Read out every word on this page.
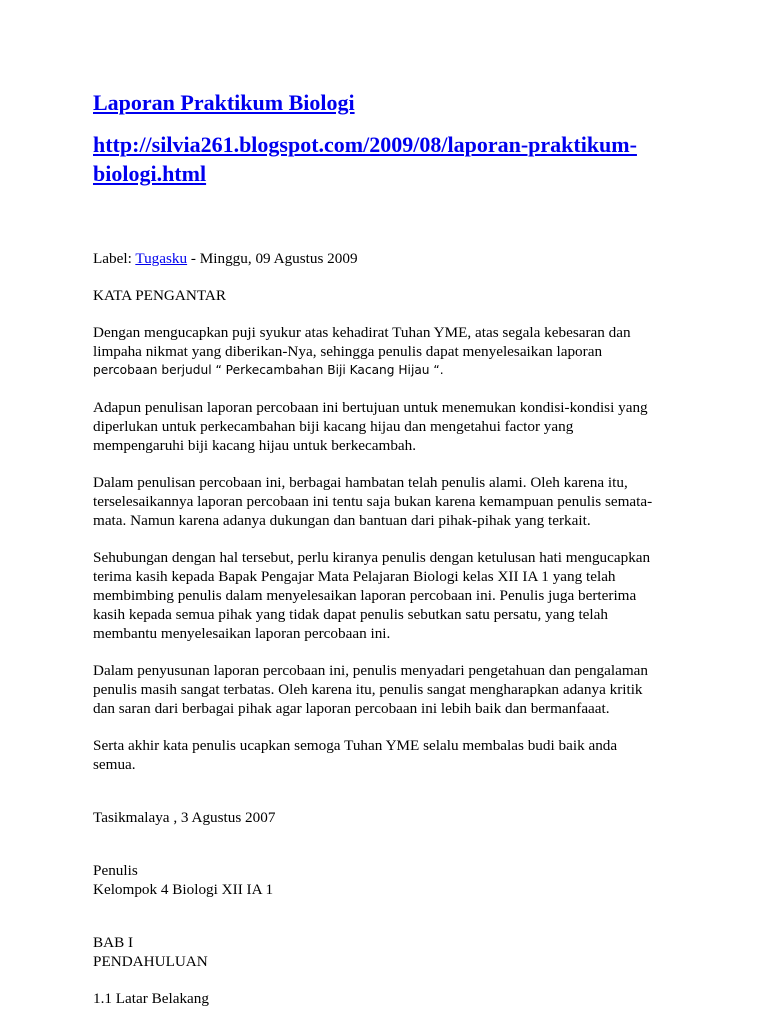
Laporan Praktikum Biologi
http://silvia261.blogspot.com/2009/08/laporan-praktikum-biologi.html

Label: Tugasku - Minggu, 09 Agustus 2009

KATA PENGANTAR

Dengan mengucapkan puji syukur atas kehadirat Tuhan YME, atas segala kebesaran dan
limpaha nikmat yang diberikan-Nya, sehingga penulis dapat menyelesaikan laporan

percobaan berjudul “ Perkecambahan Biji Kacang Hijau “.

Adapun penulisan laporan percobaan ini bertujuan untuk menemukan kondisi-kondisi yang
diperlukan untuk perkecambahan biji kacang hijau dan mengetahui factor yang
mempengaruhi biji kacang hijau untuk berkecambah.

Dalam penulisan percobaan ini, berbagai hambatan telah penulis alami. Oleh karena itu,
terselesaikannya laporan percobaan ini tentu saja bukan karena kemampuan penulis semata-
mata. Namun karena adanya dukungan dan bantuan dari pihak-pihak yang terkait.

Sehubungan dengan hal tersebut, perlu kiranya penulis dengan ketulusan hati mengucapkan
terima kasih kepada Bapak Pengajar Mata Pelajaran Biologi kelas XII IA 1 yang telah
membimbing penulis dalam menyelesaikan laporan percobaan ini. Penulis juga berterima
kasih kepada semua pihak yang tidak dapat penulis sebutkan satu persatu, yang telah
membantu menyelesaikan laporan percobaan ini.

Dalam penyusunan laporan percobaan ini, penulis menyadari pengetahuan dan pengalaman
penulis masih sangat terbatas. Oleh karena itu, penulis sangat mengharapkan adanya kritik
dan saran dari berbagai pihak agar laporan percobaan ini lebih baik dan bermanfaaat.

Serta akhir kata penulis ucapkan semoga Tuhan YME selalu membalas budi baik anda
semua.

Tasikmalaya , 3 Agustus 2007

Penulis

Kelompok 4 Biologi XII IA 1

BAB I

PENDAHULUAN

1.1 Latar Belakang
